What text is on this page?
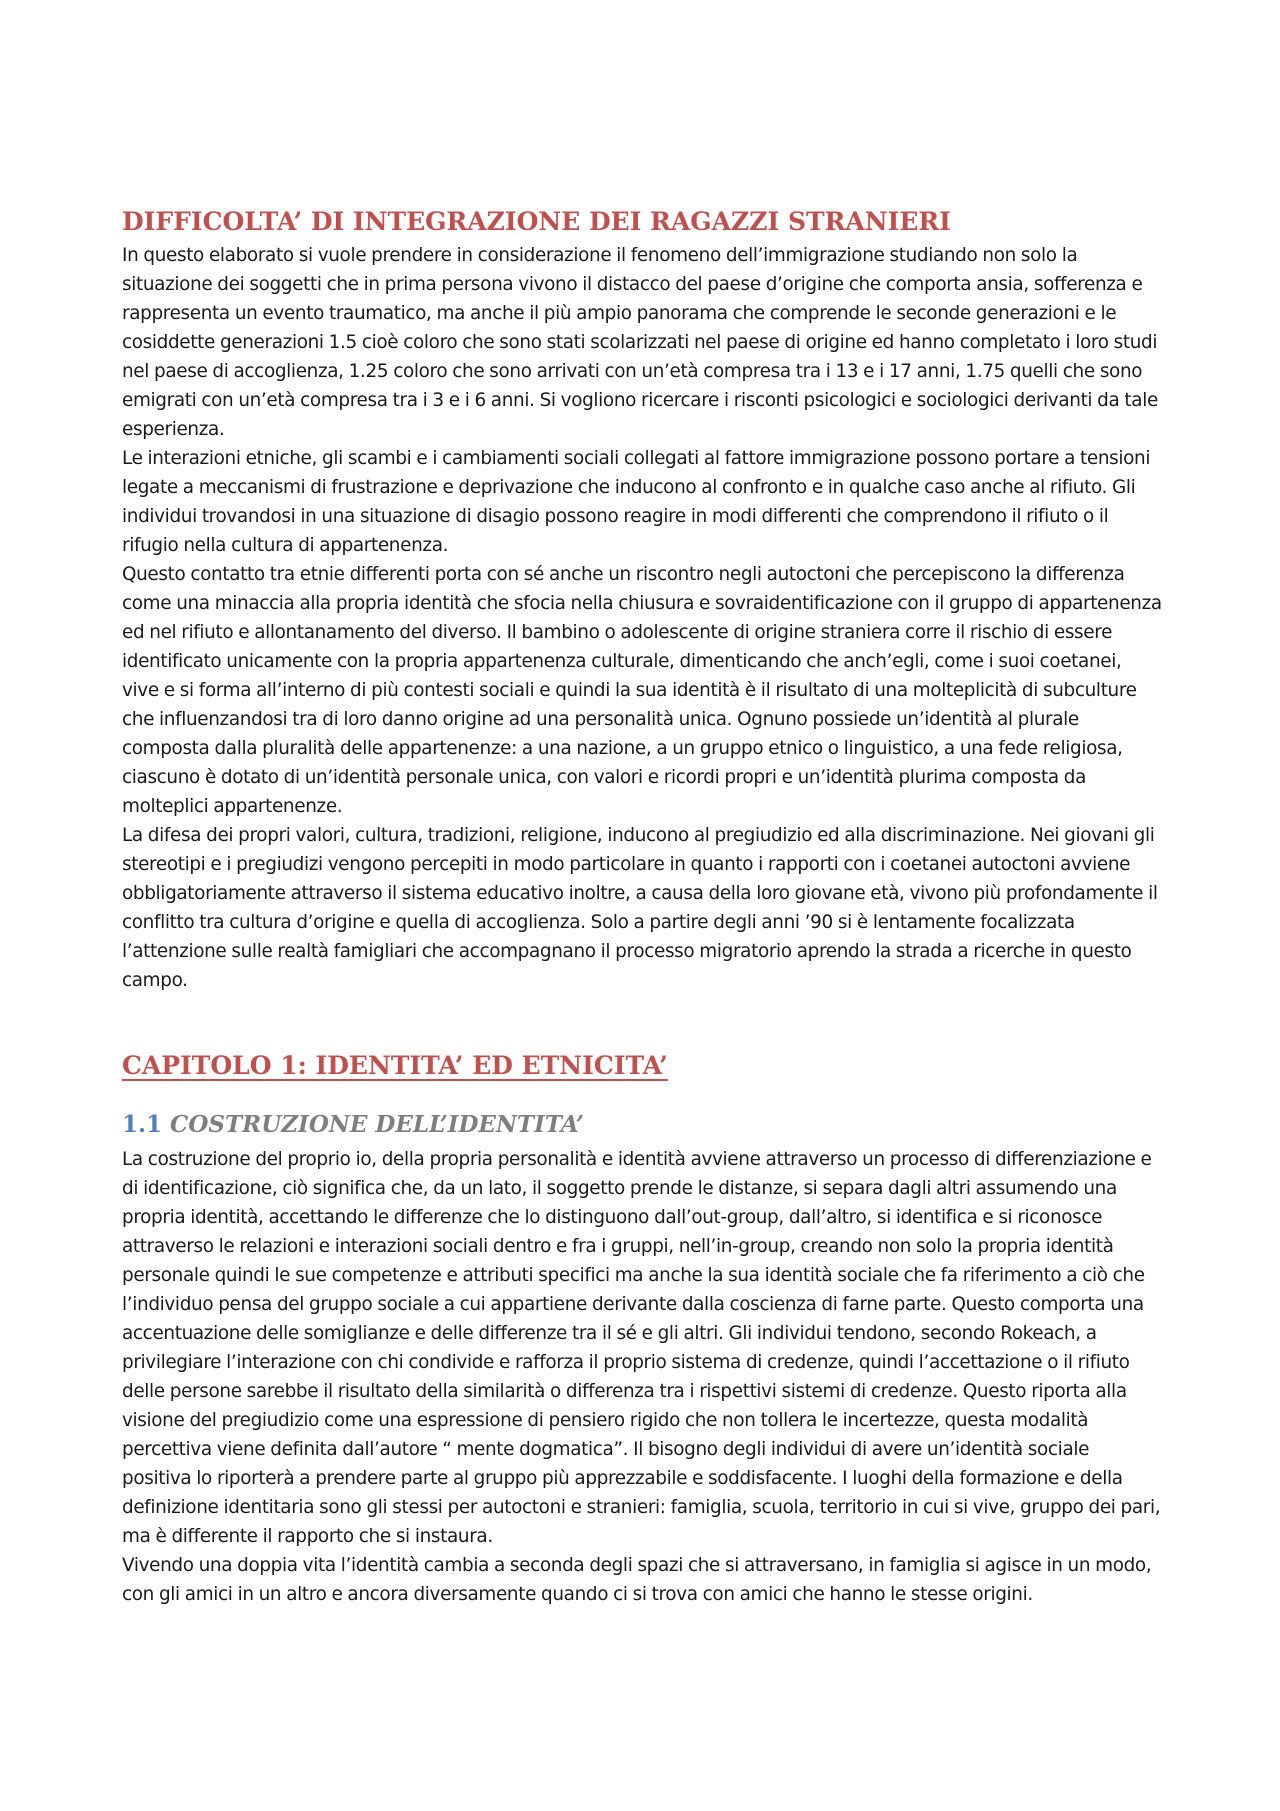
DIFFICOLTA’ DI INTEGRAZIONE DEI RAGAZZI STRANIERI

In questo elaborato si vuole prendere in considerazione il fenomeno dell’immigrazione studiando non solo la situazione dei soggetti che in prima persona vivono il distacco del paese d’origine che comporta ansia, sofferenza e rappresenta un evento traumatico, ma anche il più ampio panorama che comprende le seconde generazioni e le cosiddette generazioni 1.5 cioè coloro che sono stati scolarizzati nel paese di origine ed hanno completato i loro studi nel paese di accoglienza, 1.25 coloro che sono arrivati con un’età compresa tra i 13 e i 17 anni, 1.75 quelli che sono emigrati con un’età compresa tra i 3 e i 6 anni. Si vogliono ricercare i risconti psicologici e sociologici derivanti da tale esperienza.

Le interazioni etniche, gli scambi e i cambiamenti sociali collegati al fattore immigrazione possono portare a tensioni legate a meccanismi di frustrazione e deprivazione che inducono al confronto e in qualche caso anche al rifiuto. Gli individui trovandosi in una situazione di disagio possono reagire in modi differenti che comprendono il rifiuto o il rifugio nella cultura di appartenenza.

Questo contatto tra etnie differenti porta con sé anche un riscontro negli autoctoni che percepiscono la differenza come una minaccia alla propria identità che sfocia nella chiusura e sovraidentificazione con il gruppo di appartenenza ed nel rifiuto e allontanamento del diverso. Il bambino o adolescente di origine straniera corre il rischio di essere identificato unicamente con la propria appartenenza culturale, dimenticando che anch’egli, come i suoi coetanei, vive e si forma all’interno di più contesti sociali e quindi la sua identità è il risultato di una molteplicità di subculture che influenzandosi tra di loro danno origine ad una personalità unica. Ognuno possiede un’identità al plurale composta dalla pluralità delle appartenenze: a una nazione, a un gruppo etnico o linguistico, a una fede religiosa, ciascuno è dotato di un’identità personale unica, con valori e ricordi propri e un’identità plurima composta da molteplici appartenenze.

La difesa dei propri valori, cultura, tradizioni, religione, inducono al pregiudizio ed alla discriminazione. Nei giovani gli stereotipi e i pregiudizi vengono percepiti in modo particolare in quanto i rapporti con i coetanei autoctoni avviene obbligatoriamente attraverso il sistema educativo inoltre, a causa della loro giovane età, vivono più profondamente il conflitto tra cultura d’origine e quella di accoglienza. Solo a partire degli anni ’90 si è lentamente focalizzata l’attenzione sulle realtà famigliari che accompagnano il processo migratorio aprendo la strada a ricerche in questo campo.

CAPITOLO 1: IDENTITA’ ED ETNICITA’
1.1 COSTRUZIONE DELL’IDENTITA’

La costruzione del proprio io, della propria personalità e identità avviene attraverso un processo di differenziazione e di identificazione, ciò significa che, da un lato, il soggetto prende le distanze, si separa dagli altri assumendo una propria identità, accettando le differenze che lo distinguono dall’out-group, dall’altro, si identifica e si riconosce attraverso le relazioni e interazioni sociali dentro e fra i gruppi, nell’in-group, creando non solo la propria identità personale quindi le sue competenze e attributi specifici ma anche la sua identità sociale che fa riferimento a ciò che l’individuo pensa del gruppo sociale a cui appartiene derivante dalla coscienza di farne parte. Questo comporta una accentuazione delle somiglianze e delle differenze tra il sé e gli altri. Gli individui tendono, secondo Rokeach, a privilegiare l’interazione con chi condivide e rafforza il proprio sistema di credenze, quindi l’accettazione o il rifiuto delle persone sarebbe il risultato della similarità o differenza tra i rispettivi sistemi di credenze. Questo riporta alla visione del pregiudizio come una espressione di pensiero rigido che non tollera le incertezze, questa modalità percettiva viene definita dall’autore “ mente dogmatica”. Il bisogno degli individui di avere un’identità sociale positiva lo riporterà a prendere parte al gruppo più apprezzabile e soddisfacente. I luoghi della formazione e della definizione identitaria sono gli stessi per autoctoni e stranieri: famiglia, scuola, territorio in cui si vive, gruppo dei pari, ma è differente il rapporto che si instaura.

Vivendo una doppia vita l’identità cambia a seconda degli spazi che si attraversano, in famiglia si agisce in un modo, con gli amici in un altro e ancora diversamente quando ci si trova con amici che hanno le stesse origini.
